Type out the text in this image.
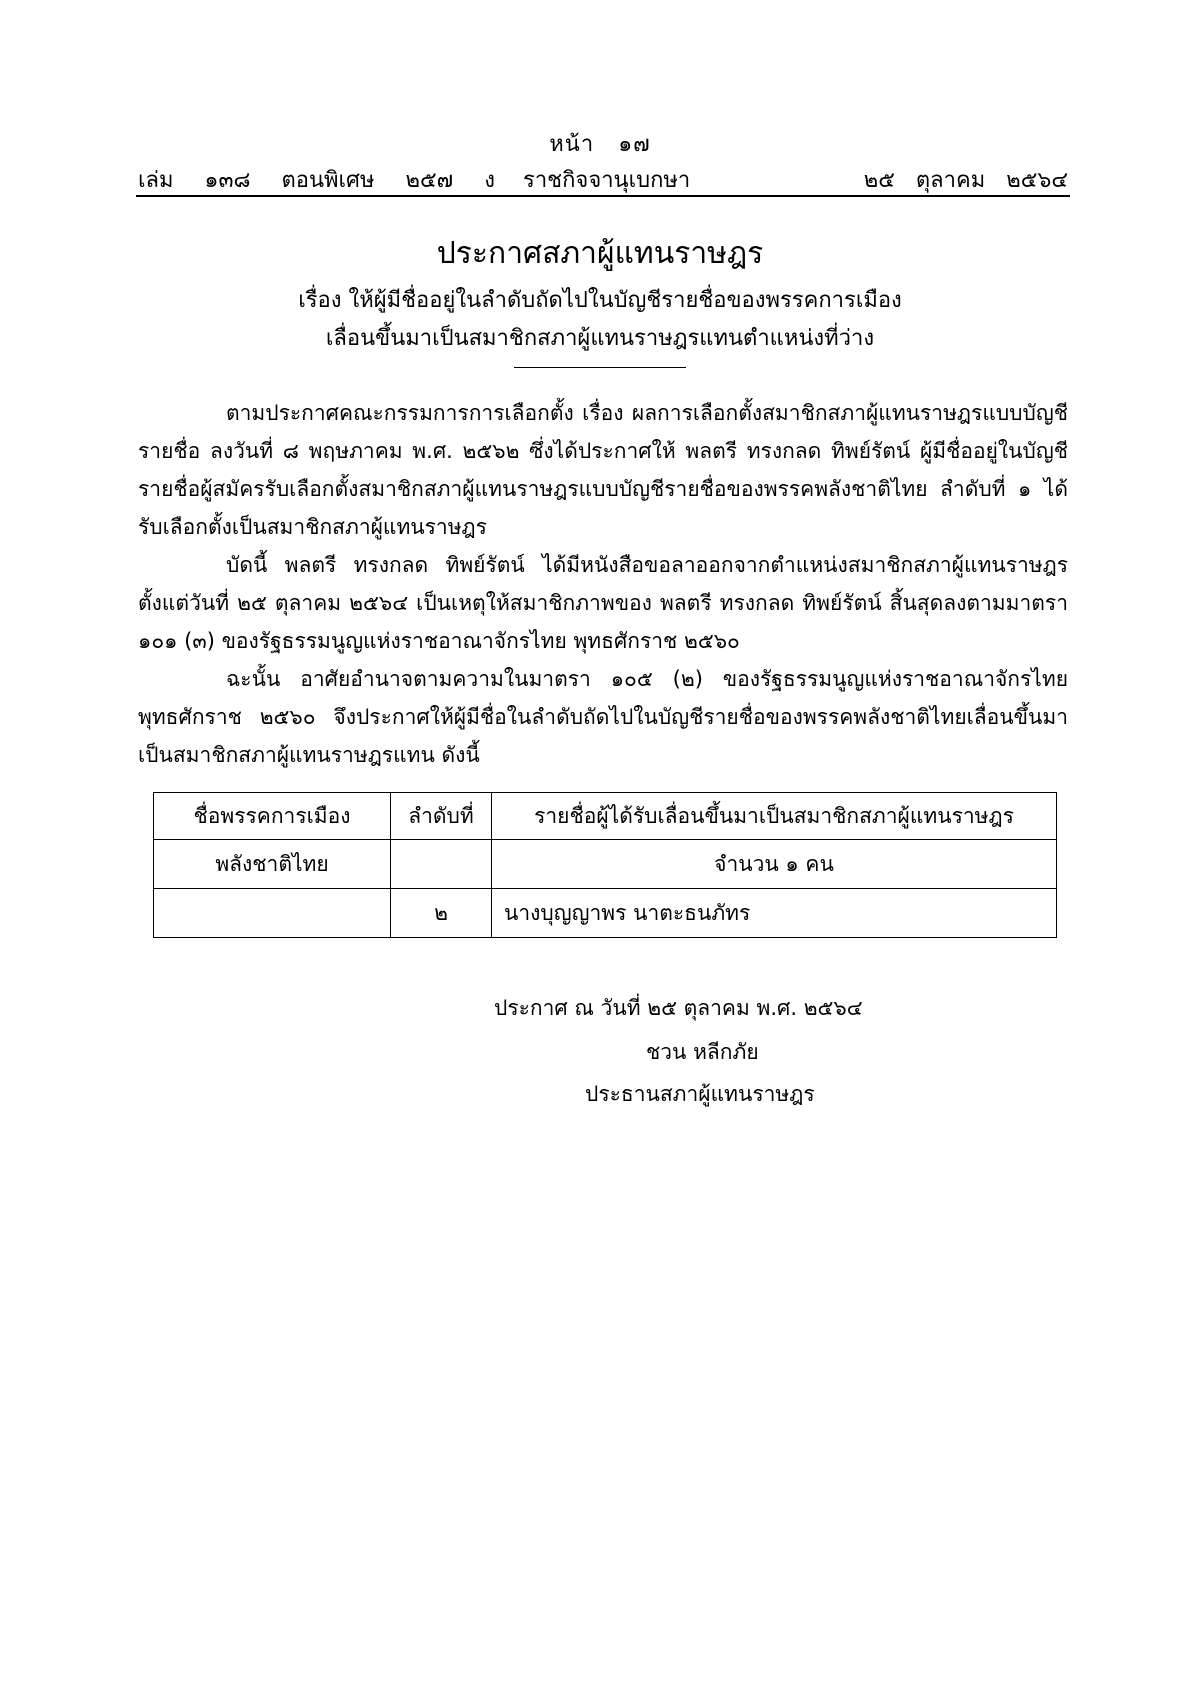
หน้า ๑๗
เล่ม ๑๓๘ ตอนพิเศษ ๒๕๗ ง	ราชกิจจานุเบกษา	๒๕ ตุลาคม ๒๕๖๔
ประกาศสภาผู้แทนราษฎร
เรื่อง ให้ผู้มีชื่ออยู่ในลำดับถัดไปในบัญชีรายชื่อของพรรคการเมือง
เลื่อนขึ้นมาเป็นสมาชิกสภาผู้แทนราษฎรแทนตำแหน่งที่ว่าง

ตามประกาศคณะกรรมการการเลือกตั้ง เรื่อง ผลการเลือกตั้งสมาชิกสภาผู้แทนราษฎรแบบบัญชีรายชื่อ ลงวันที่ ๘ พฤษภาคม พ.ศ. ๒๕๖๒ ซึ่งได้ประกาศให้ พลตรี ทรงกลด ทิพย์รัตน์ ผู้มีชื่ออยู่ในบัญชีรายชื่อผู้สมัครรับเลือกตั้งสมาชิกสภาผู้แทนราษฎรแบบบัญชีรายชื่อของพรรคพลังชาติไทย ลำดับที่ ๑ ได้รับเลือกตั้งเป็นสมาชิกสภาผู้แทนราษฎร

บัดนี้ พลตรี ทรงกลด ทิพย์รัตน์ ได้มีหนังสือขอลาออกจากตำแหน่งสมาชิกสภาผู้แทนราษฎรตั้งแต่วันที่ ๒๕ ตุลาคม ๒๕๖๔ เป็นเหตุให้สมาชิกภาพของ พลตรี ทรงกลด ทิพย์รัตน์ สิ้นสุดลงตามมาตรา ๑๐๑ (๓) ของรัฐธรรมนูญแห่งราชอาณาจักรไทย พุทธศักราช ๒๕๖๐

ฉะนั้น อาศัยอำนาจตามความในมาตรา ๑๐๕ (๒) ของรัฐธรรมนูญแห่งราชอาณาจักรไทยพุทธศักราช ๒๕๖๐ จึงประกาศให้ผู้มีชื่อในลำดับถัดไปในบัญชีรายชื่อของพรรคพลังชาติไทยเลื่อนขึ้นมาเป็นสมาชิกสภาผู้แทนราษฎรแทน ดังนี้

ชื่อพรรคการเมือง	ลำดับที่	รายชื่อผู้ได้รับเลื่อนขึ้นมาเป็นสมาชิกสภาผู้แทนราษฎร
พลังชาติไทย		จำนวน ๑ คน
	๒	นางบุญญาพร นาตะธนภัทร
ประกาศ ณ วันที่ ๒๕ ตุลาคม พ.ศ. ๒๕๖๔
ชวน หลีกภัย
ประธานสภาผู้แทนราษฎร
